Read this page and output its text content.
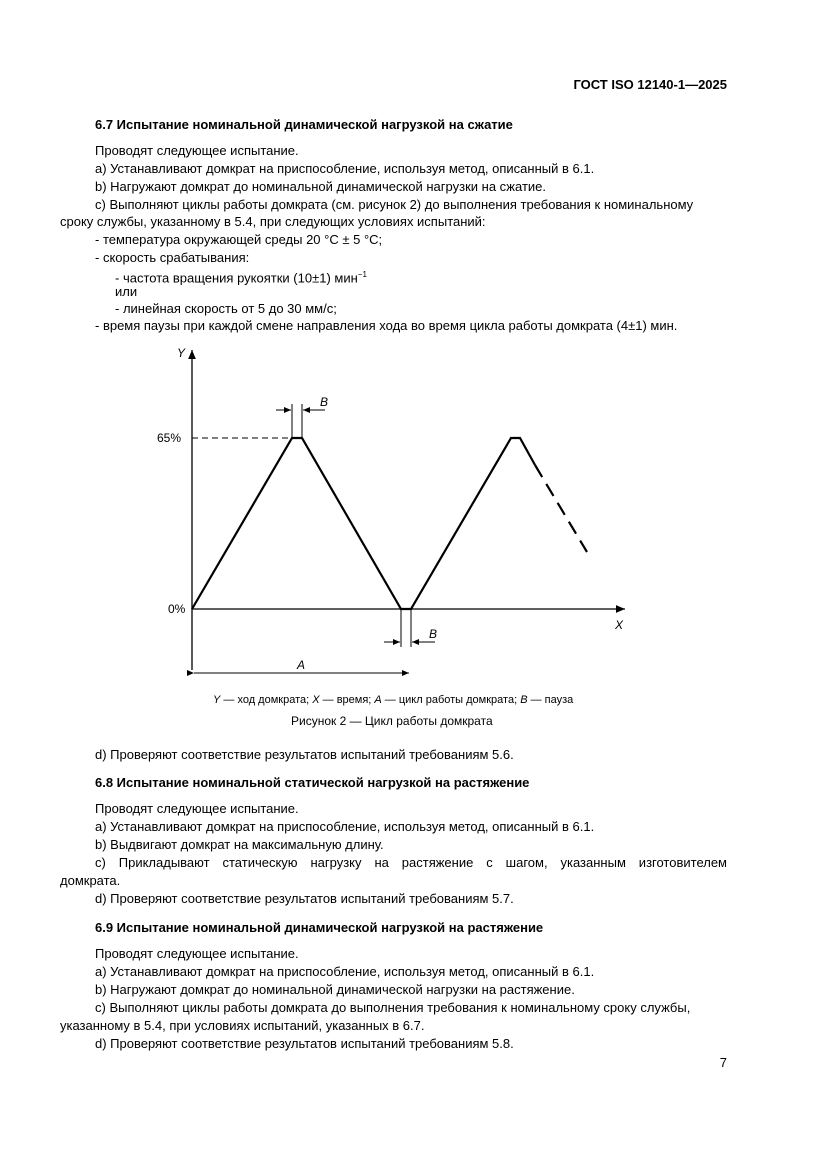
ГОСТ ISO 12140-1—2025
6.7 Испытание номинальной динамической нагрузкой на сжатие
Проводят следующее испытание.
а) Устанавливают домкрат на приспособление, используя метод, описанный в 6.1.
b) Нагружают домкрат до номинальной динамической нагрузки на сжатие.
с) Выполняют циклы работы домкрата (см. рисунок 2) до выполнения требования к номинальному
сроку службы, указанному в 5.4, при следующих условиях испытаний:
- температура окружающей среды 20 °С ± 5 °С;
- скорость срабатывания:
- частота вращения рукоятки (10±1) мин$^{-1}$
или
- линейная скорость от 5 до 30 мм/с;
- время паузы при каждой смене направления хода во время цикла работы домкрата (4±1) мин.
Y
X
65%
0%
B
B
A
Y — ход домкрата; X — время; A — цикл работы домкрата; B — пауза
Рисунок 2 — Цикл работы домкрата
d) Проверяют соответствие результатов испытаний требованиям 5.6.
6.8 Испытание номинальной статической нагрузкой на растяжение
Проводят следующее испытание.
а) Устанавливают домкрат на приспособление, используя метод, описанный в 6.1.
b) Выдвигают домкрат на максимальную длину.
с) Прикладывают статическую нагрузку на растяжение с шагом, указанным изготовителем
домкрата.
d) Проверяют соответствие результатов испытаний требованиям 5.7.
6.9 Испытание номинальной динамической нагрузкой на растяжение
Проводят следующее испытание.
а) Устанавливают домкрат на приспособление, используя метод, описанный в 6.1.
b) Нагружают домкрат до номинальной динамической нагрузки на растяжение.
с) Выполняют циклы работы домкрата до выполнения требования к номинальному сроку службы,
указанному в 5.4, при условиях испытаний, указанных в 6.7.
d) Проверяют соответствие результатов испытаний требованиям 5.8.
7
